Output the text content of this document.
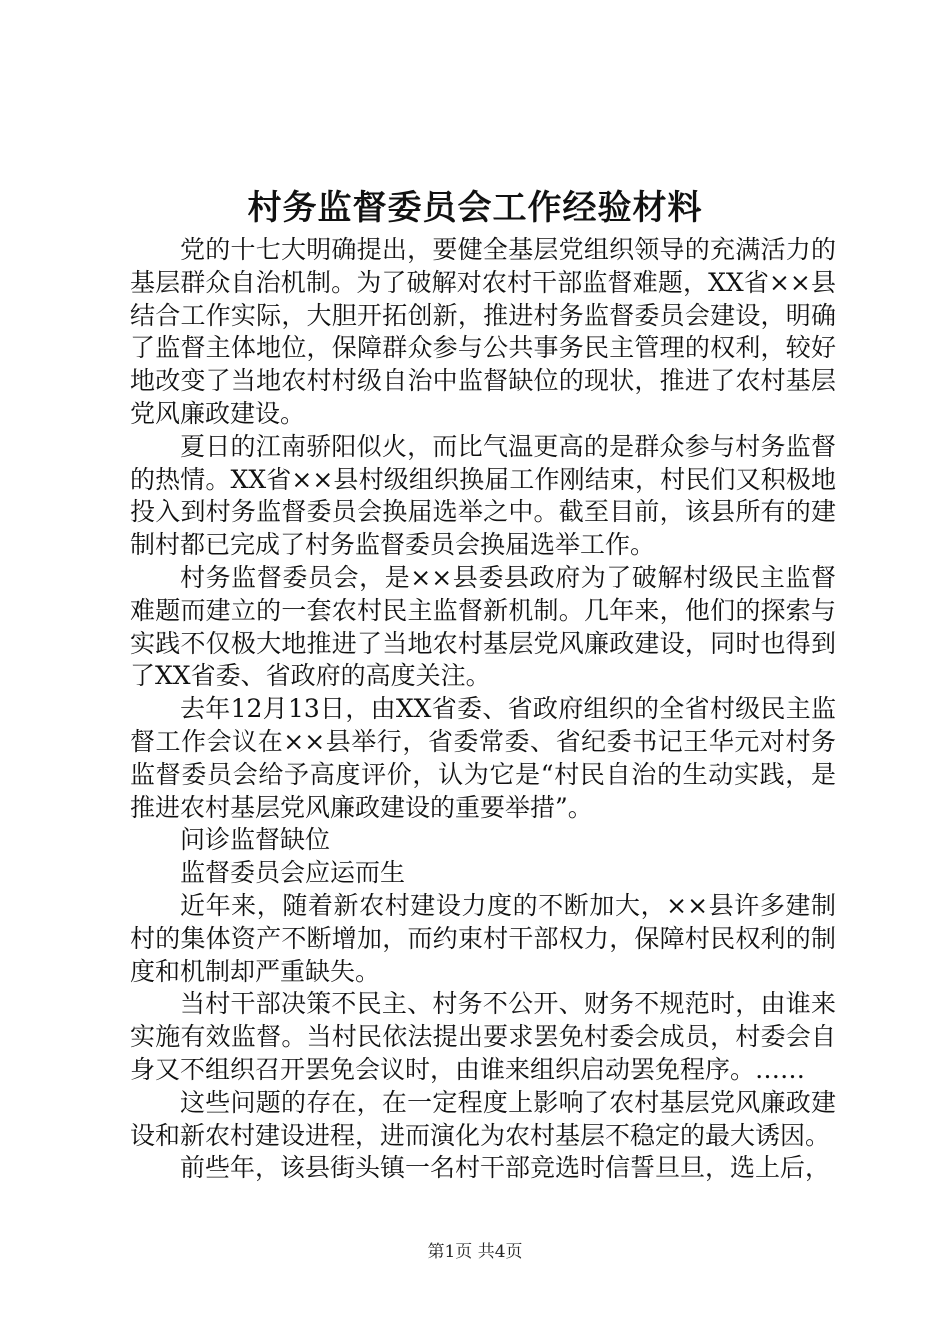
村务监督委员会工作经验材料

党的十七大明确提出，要健全基层党组织领导的充满活力的基层群众自治机制。为了破解对农村干部监督难题，XX省××县结合工作实际，大胆开拓创新，推进村务监督委员会建设，明确了监督主体地位，保障群众参与公共事务民主管理的权利，较好地改变了当地农村村级自治中监督缺位的现状，推进了农村基层党风廉政建设。

夏日的江南骄阳似火，而比气温更高的是群众参与村务监督的热情。XX省××县村级组织换届工作刚结束，村民们又积极地投入到村务监督委员会换届选举之中。截至目前，该县所有的建制村都已完成了村务监督委员会换届选举工作。

村务监督委员会，是××县委县政府为了破解村级民主监督难题而建立的一套农村民主监督新机制。几年来，他们的探索与实践不仅极大地推进了当地农村基层党风廉政建设，同时也得到了XX省委、省政府的高度关注。

去年12月13日，由XX省委、省政府组织的全省村级民主监督工作会议在××县举行，省委常委、省纪委书记王华元对村务监督委员会给予高度评价，认为它是“村民自治的生动实践，是推进农村基层党风廉政建设的重要举措”。

问诊监督缺位

监督委员会应运而生

近年来，随着新农村建设力度的不断加大，××县许多建制村的集体资产不断增加，而约束村干部权力，保障村民权利的制度和机制却严重缺失。

当村干部决策不民主、村务不公开、财务不规范时，由谁来实施有效监督。当村民依法提出要求罢免村委会成员，村委会自身又不组织召开罢免会议时，由谁来组织启动罢免程序。……

这些问题的存在，在一定程度上影响了农村基层党风廉政建设和新农村建设进程，进而演化为农村基层不稳定的最大诱因。

前些年，该县街头镇一名村干部竞选时信誓旦旦，选上后，

第1页 共4页
